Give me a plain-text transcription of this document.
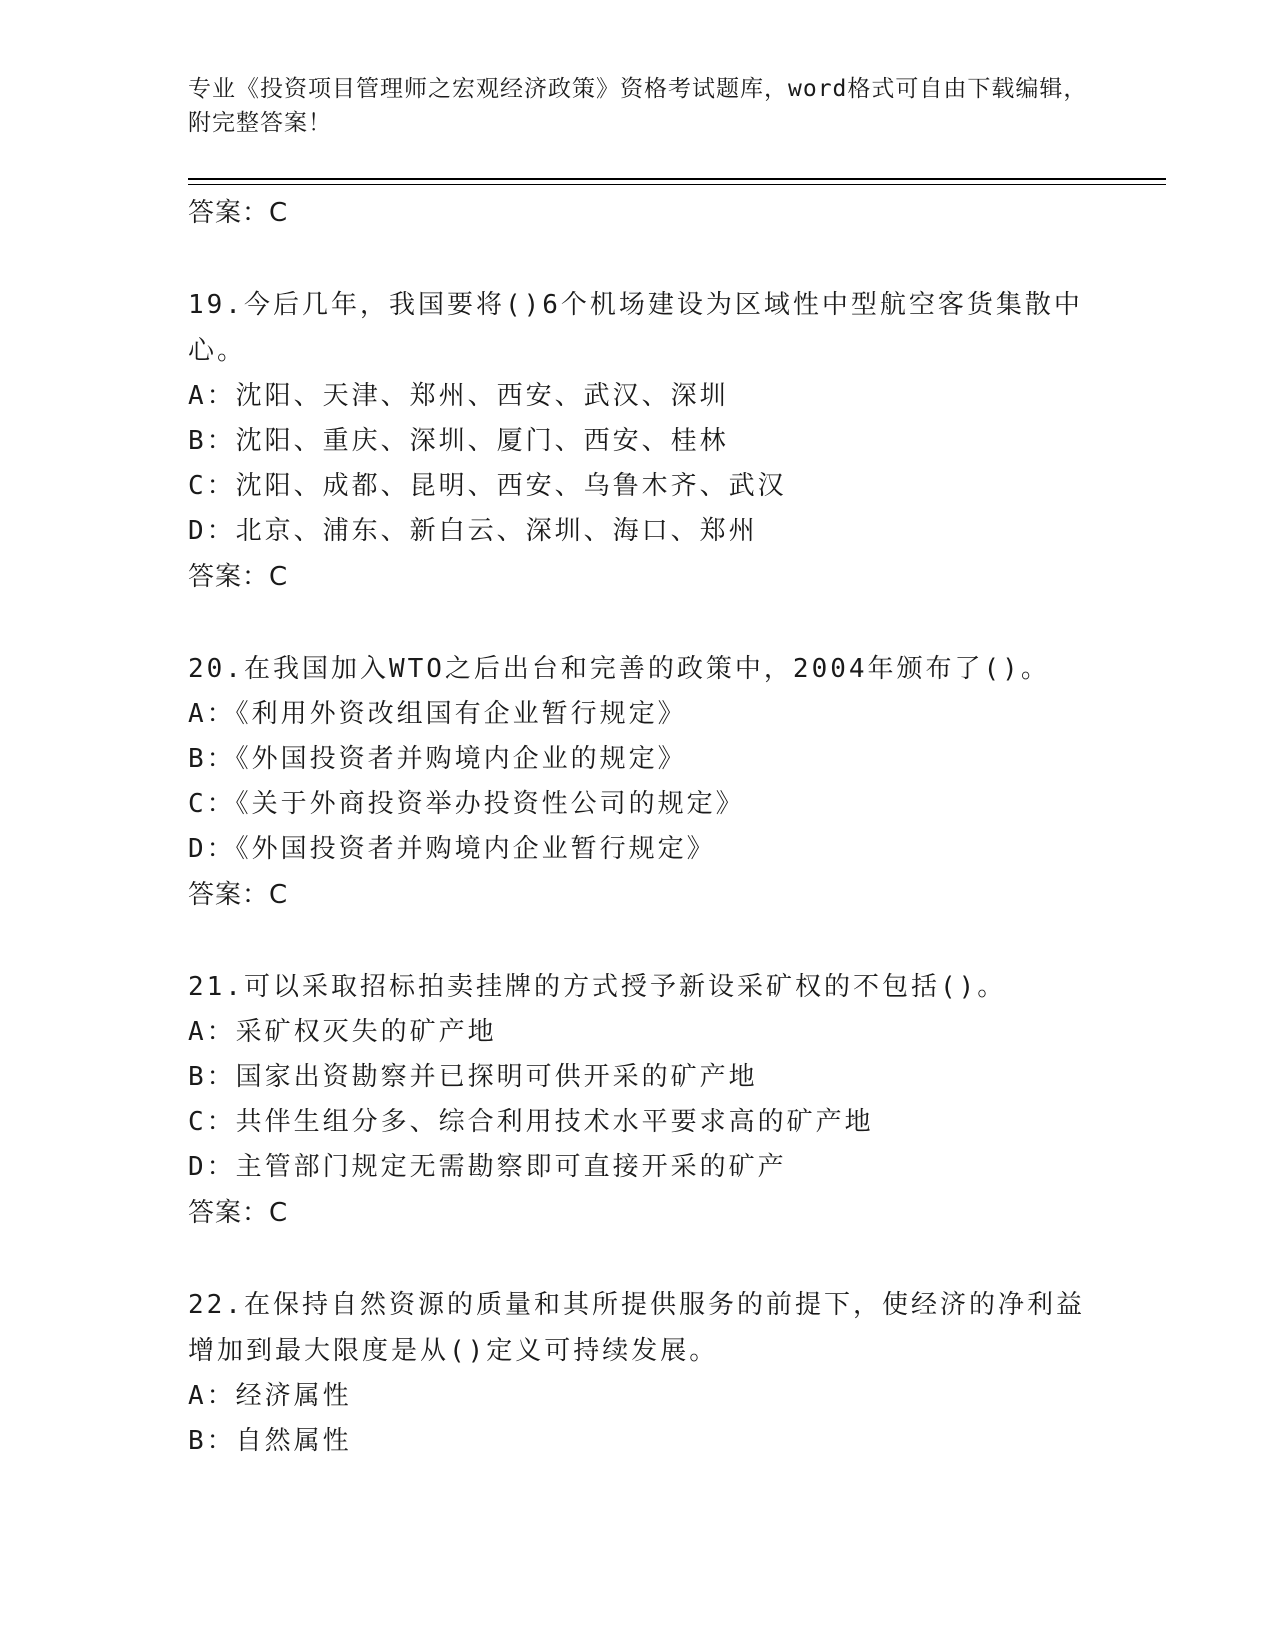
专业《投资项目管理师之宏观经济政策》资格考试题库，word格式可自由下载编辑，附完整答案！
答案：C
19.今后几年，我国要将()6个机场建设为区域性中型航空客货集散中心。
A：沈阳、天津、郑州、西安、武汉、深圳
B：沈阳、重庆、深圳、厦门、西安、桂林
C：沈阳、成都、昆明、西安、乌鲁木齐、武汉
D：北京、浦东、新白云、深圳、海口、郑州
答案：C
20.在我国加入WTO之后出台和完善的政策中，2004年颁布了()。
A：《利用外资改组国有企业暂行规定》
B：《外国投资者并购境内企业的规定》
C：《关于外商投资举办投资性公司的规定》
D：《外国投资者并购境内企业暂行规定》
答案：C
21.可以采取招标拍卖挂牌的方式授予新设采矿权的不包括()。
A：采矿权灭失的矿产地
B：国家出资勘察并已探明可供开采的矿产地
C：共伴生组分多、综合利用技术水平要求高的矿产地
D：主管部门规定无需勘察即可直接开采的矿产
答案：C
22.在保持自然资源的质量和其所提供服务的前提下，使经济的净利益增加到最大限度是从()定义可持续发展。
A：经济属性
B：自然属性
